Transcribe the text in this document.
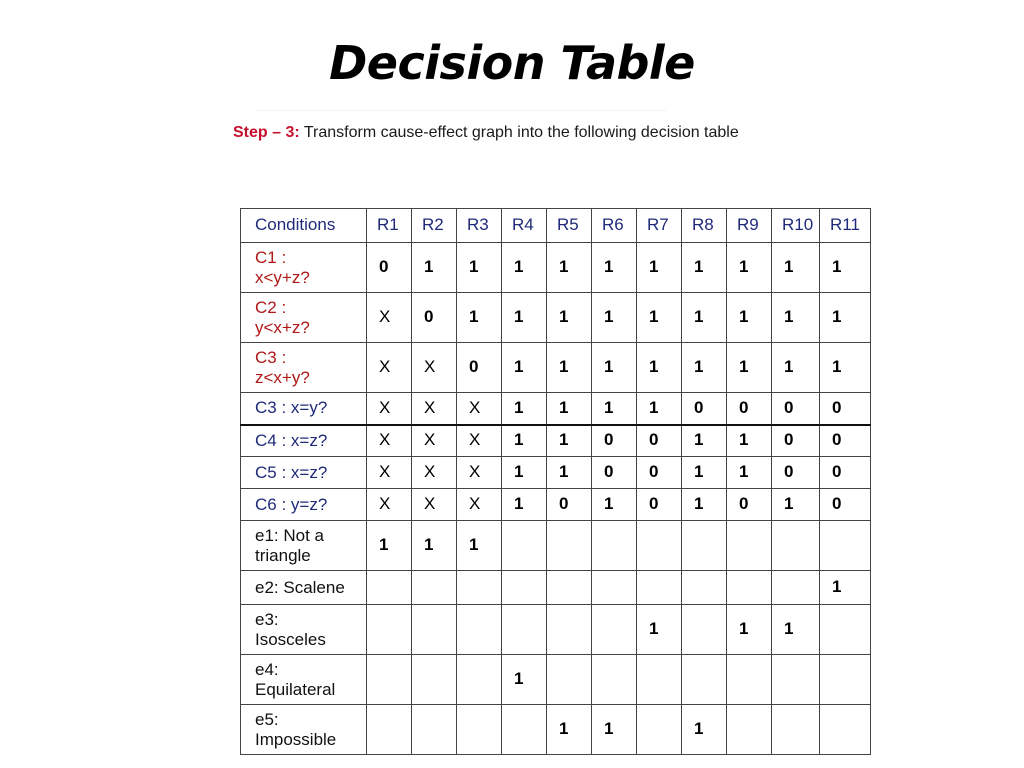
Decision Table
Step – 3: Transform cause-effect graph into the following decision table
Conditions	R1	R2	R3	R4	R5	R6	R7	R8	R9	R10	R11
C1 :
x<y+z?	0	1	1	1	1	1	1	1	1	1	1
C2 :
y<x+z?	X	0	1	1	1	1	1	1	1	1	1
C3 :
z<x+y?	X	X	0	1	1	1	1	1	1	1	1
C3 : x=y?	X	X	X	1	1	1	1	0	0	0	0
C4 : x=z?	X	X	X	1	1	0	0	1	1	0	0
C5 : x=z?	X	X	X	1	1	0	0	1	1	0	0
C6 : y=z?	X	X	X	1	0	1	0	1	0	1	0
e1: Not a
triangle	1	1	1								
e2: Scalene											1
e3:
Isosceles							1		1	1	
e4:
Equilateral				1							
e5:
Impossible					1	1		1			
